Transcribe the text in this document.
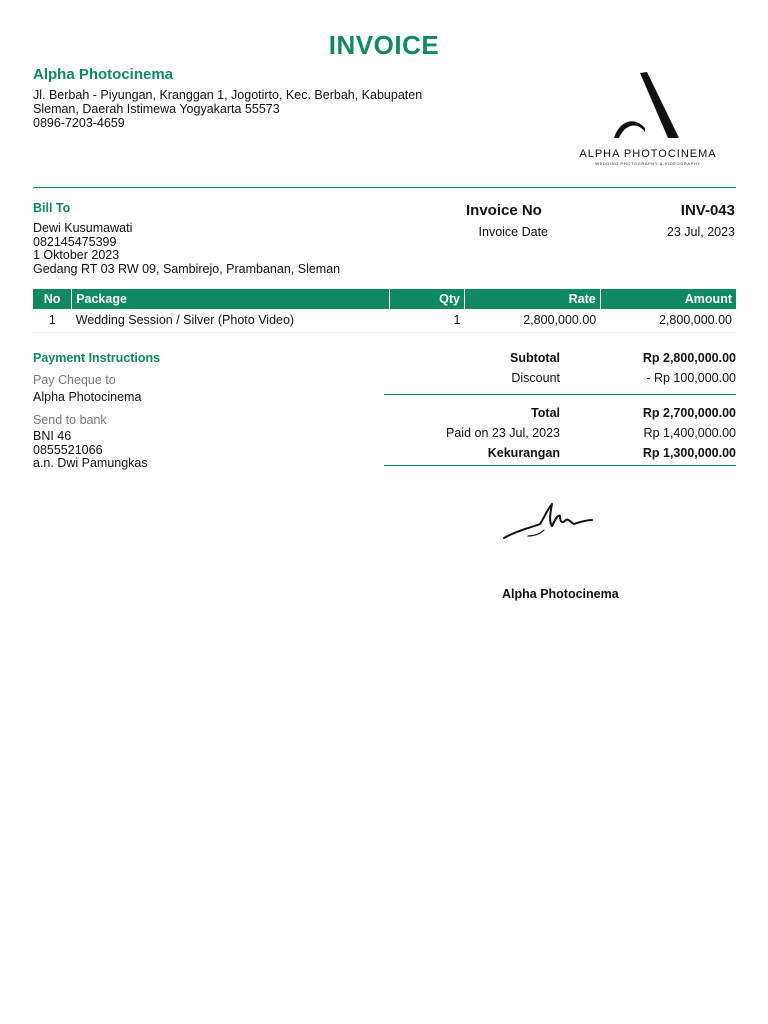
INVOICE
Alpha Photocinema
Jl. Berbah - Piyungan, Kranggan 1, Jogotirto, Kec. Berbah, Kabupaten
Sleman, Daerah Istimewa Yogyakarta 55573
0896-7203-4659
ALPHA PHOTOCINEMA
WEDDING PHOTOGRAPHY & VIDEOGRAPHY
Bill To
Dewi Kusumawati
082145475399
1 Oktober 2023
Gedang RT 03 RW 09, Sambirejo, Prambanan, Sleman
Invoice No	INV-043
Invoice Date	23 Jul, 2023
No	Package	Qty	Rate	Amount
1	Wedding Session / Silver (Photo Video)	1	2,800,000.00	2,800,000.00
Payment Instructions
Pay Cheque to
Alpha Photocinema
Send to bank
BNI 46
0855521066
a.n. Dwi Pamungkas
Subtotal	Rp 2,800,000.00
Discount	- Rp 100,000.00
Total	Rp 2,700,000.00
Paid on 23 Jul, 2023	Rp 1,400,000.00
Kekurangan	Rp 1,300,000.00
Alpha Photocinema
